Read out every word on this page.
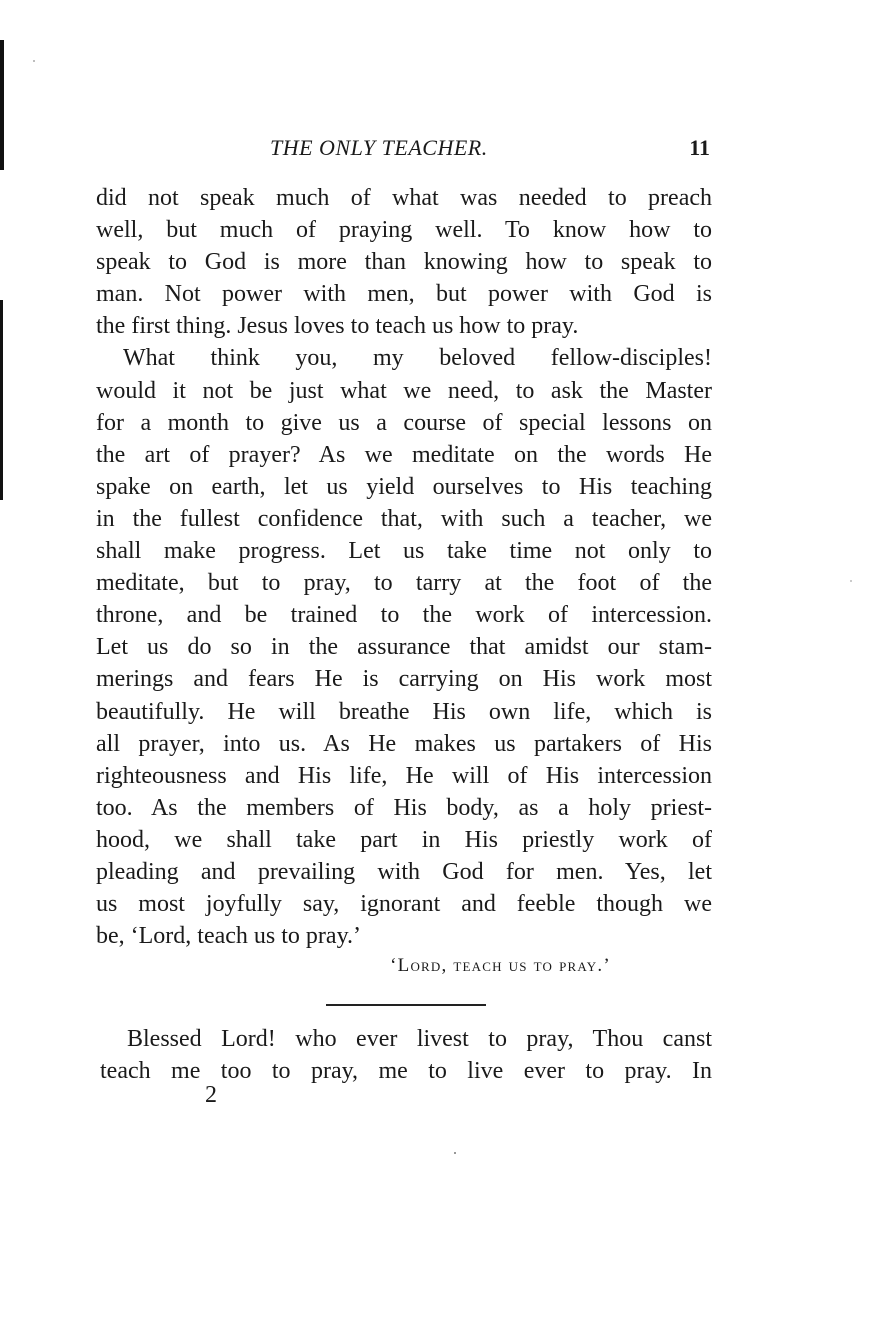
THE ONLY TEACHER.	11
did not speak much of what was needed to preach
well, but much of praying well. To know how to
speak to God is more than knowing how to speak to
man. Not power with men, but power with God is
the first thing. Jesus loves to teach us how to pray.
What think you, my beloved fellow-disciples!
would it not be just what we need, to ask the Master
for a month to give us a course of special lessons on
the art of prayer? As we meditate on the words He
spake on earth, let us yield ourselves to His teaching
in the fullest confidence that, with such a teacher, we
shall make progress. Let us take time not only to
meditate, but to pray, to tarry at the foot of the
throne, and be trained to the work of intercession.
Let us do so in the assurance that amidst our stam-
merings and fears He is carrying on His work most
beautifully. He will breathe His own life, which is
all prayer, into us. As He makes us partakers of His
righteousness and His life, He will of His intercession
too. As the members of His body, as a holy priest-
hood, we shall take part in His priestly work of
pleading and prevailing with God for men. Yes, let
us most joyfully say, ignorant and feeble though we
be, ‘Lord, teach us to pray.’
‘Lord, teach us to pray.’
Blessed Lord! who ever livest to pray, Thou canst
teach me too to pray, me to live ever to pray. In
2
